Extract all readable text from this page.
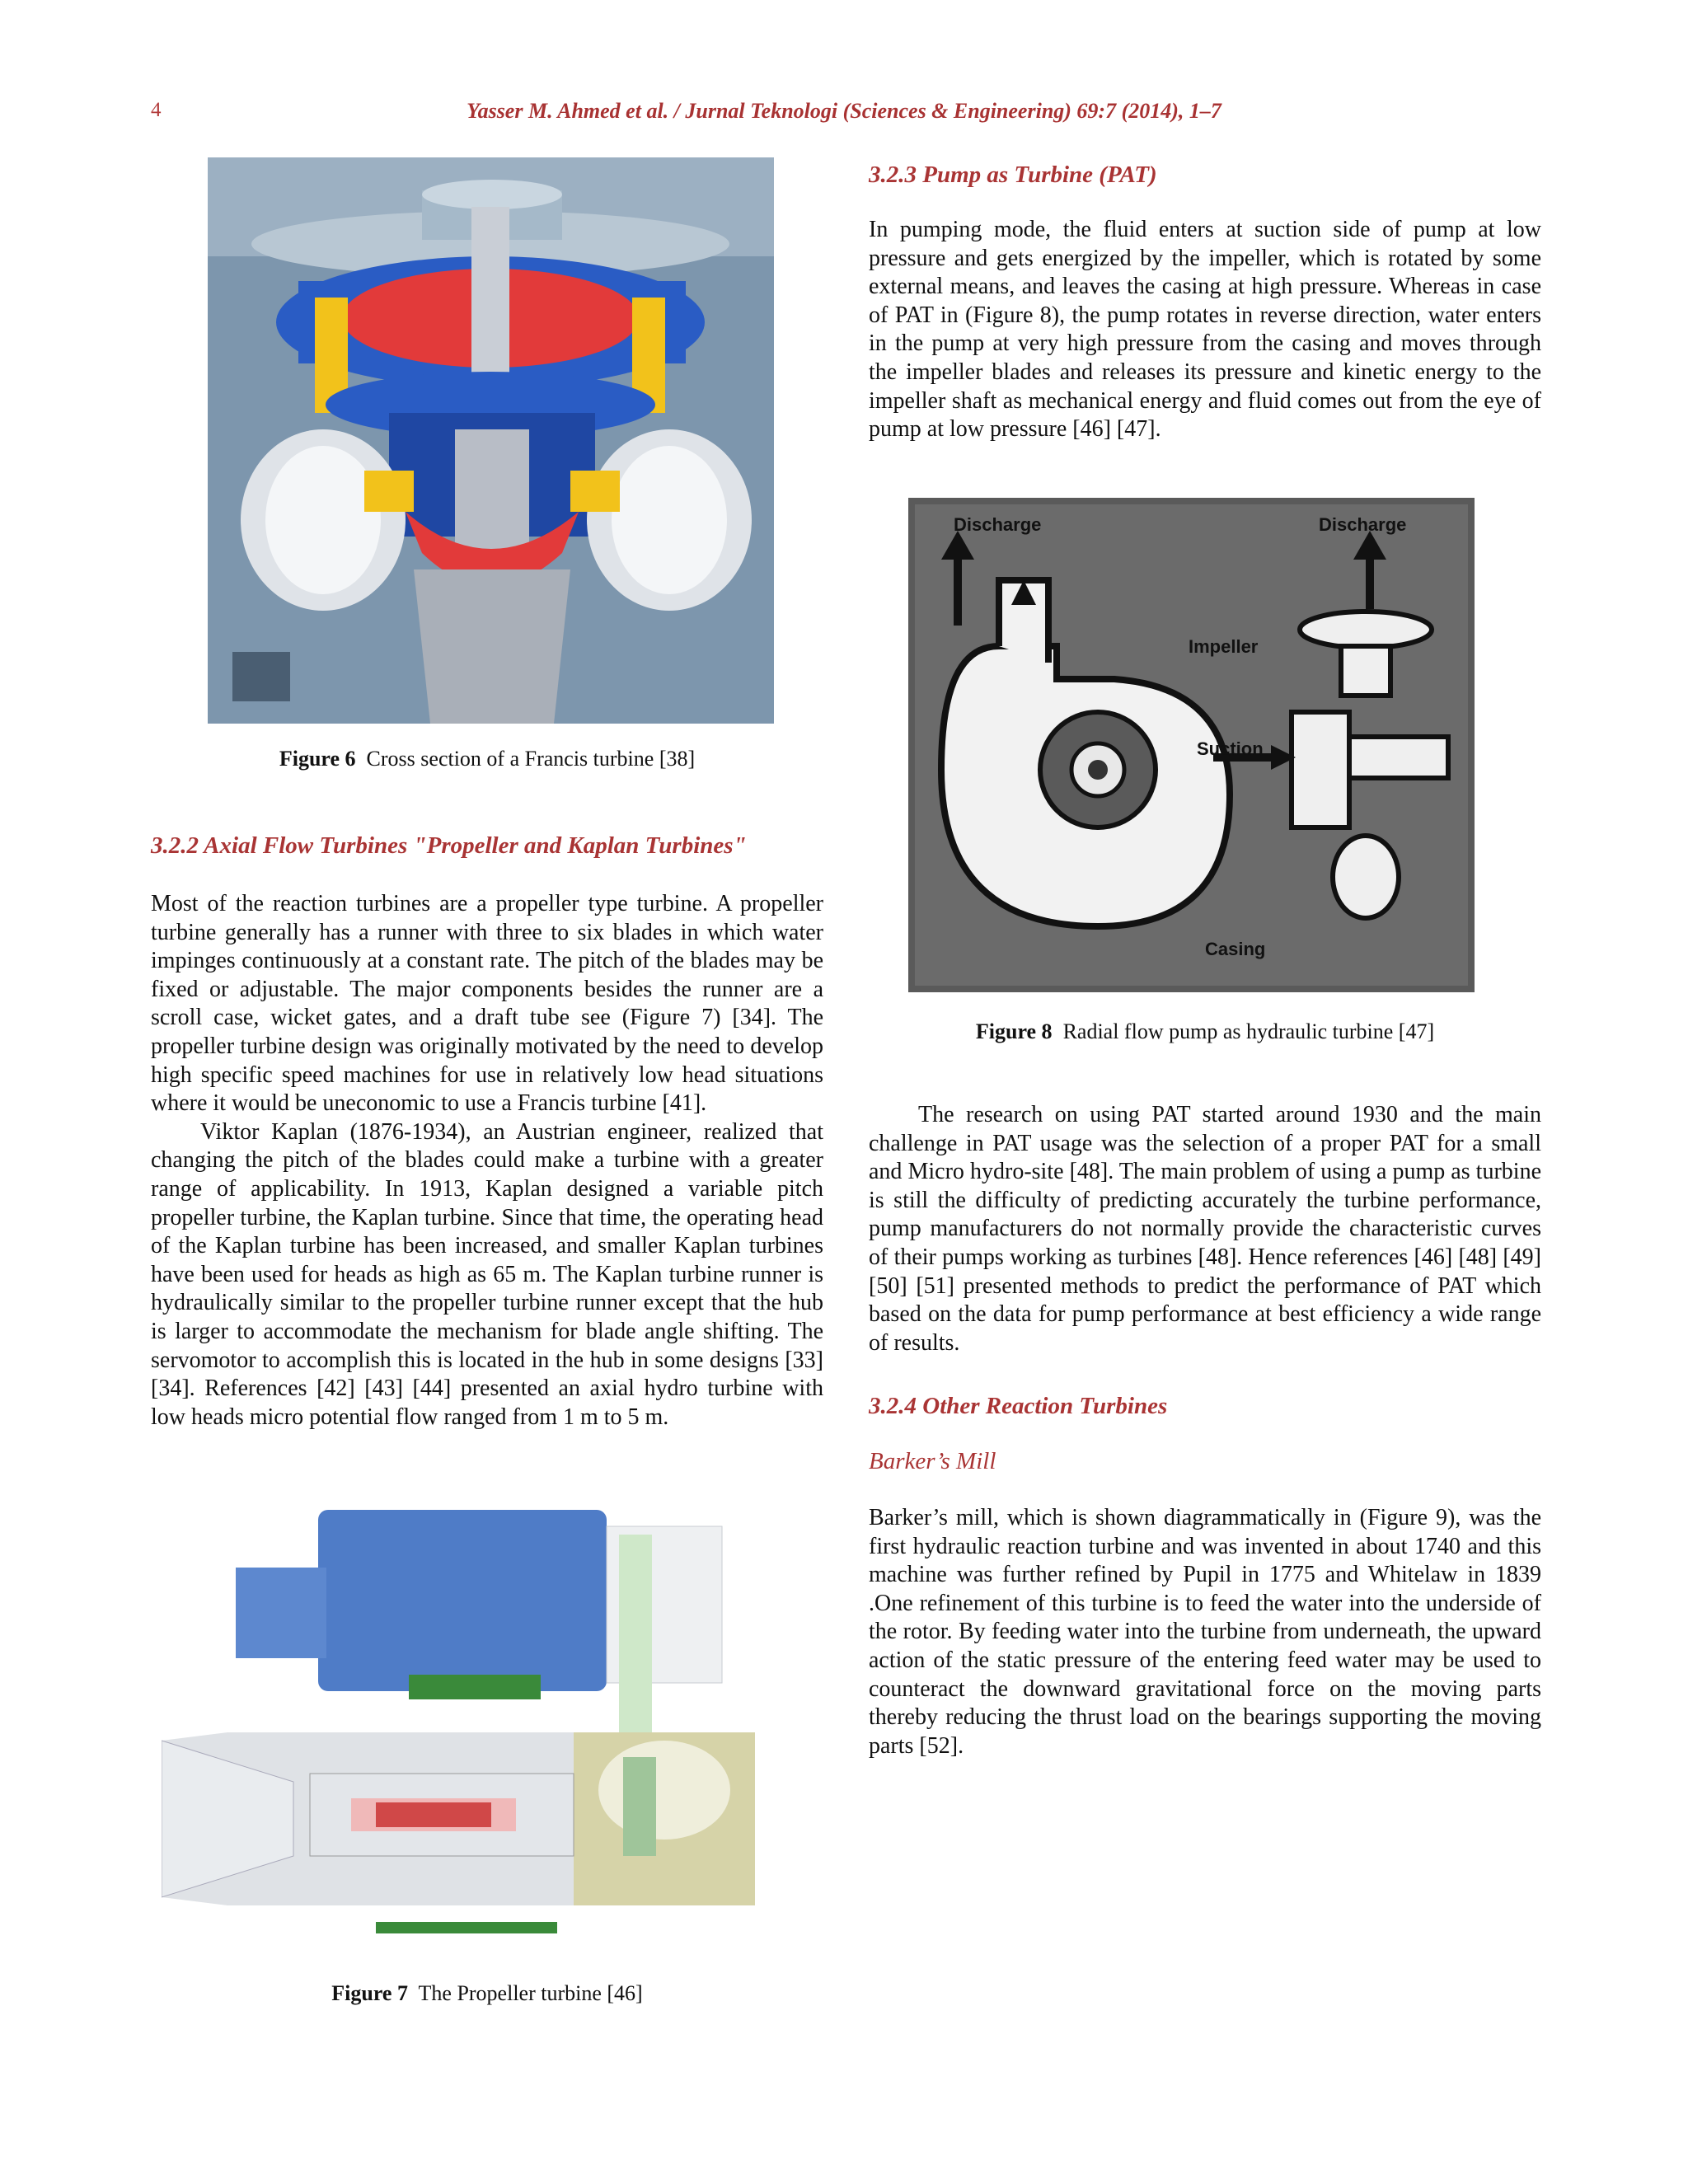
4	Yasser M. Ahmed et al. / Jurnal Teknologi (Sciences & Engineering) 69:7 (2014), 1–7
Figure 6 Cross section of a Francis turbine [38]
3.2.2 Axial Flow Turbines "Propeller and Kaplan Turbines"

Most of the reaction turbines are a propeller type turbine. A propeller turbine generally has a runner with three to six blades in which water impinges continuously at a constant rate. The pitch of the blades may be fixed or adjustable. The major components besides the runner are a scroll case, wicket gates, and a draft tube see (Figure 7) [34]. The propeller turbine design was originally motivated by the need to develop high specific speed machines for use in relatively low head situations where it would be uneconomic to use a Francis turbine [41].

Viktor Kaplan (1876-1934), an Austrian engineer, realized that changing the pitch of the blades could make a turbine with a greater range of applicability. In 1913, Kaplan designed a variable pitch propeller turbine, the Kaplan turbine. Since that time, the operating head of the Kaplan turbine has been increased, and smaller Kaplan turbines have been used for heads as high as 65 m. The Kaplan turbine runner is hydraulically similar to the propeller turbine runner except that the hub is larger to accommodate the mechanism for blade angle shifting. The servomotor to accomplish this is located in the hub in some designs [33] [34]. References [42] [43] [44] presented an axial hydro turbine with low heads micro potential flow ranged from 1 m to 5 m.

Figure 7 The Propeller turbine [46]
3.2.3 Pump as Turbine (PAT)

In pumping mode, the fluid enters at suction side of pump at low pressure and gets energized by the impeller, which is rotated by some external means, and leaves the casing at high pressure. Whereas in case of PAT in (Figure 8), the pump rotates in reverse direction, water enters in the pump at very high pressure from the casing and moves through the impeller blades and releases its pressure and kinetic energy to the impeller shaft as mechanical energy and fluid comes out from the eye of pump at low pressure [46] [47].

Discharge	Discharge
Impeller
Suction
Casing
Figure 8 Radial flow pump as hydraulic turbine [47]

The research on using PAT started around 1930 and the main challenge in PAT usage was the selection of a proper PAT for a small and Micro hydro-site [48]. The main problem of using a pump as turbine is still the difficulty of predicting accurately the turbine performance, pump manufacturers do not normally provide the characteristic curves of their pumps working as turbines [48]. Hence references [46] [48] [49] [50] [51] presented methods to predict the performance of PAT which based on the data for pump performance at best efficiency a wide range of results.

3.2.4 Other Reaction Turbines
Barker’s Mill

Barker’s mill, which is shown diagrammatically in (Figure 9), was the first hydraulic reaction turbine and was invented in about 1740 and this machine was further refined by Pupil in 1775 and Whitelaw in 1839 .One refinement of this turbine is to feed the water into the underside of the rotor. By feeding water into the turbine from underneath, the upward action of the static pressure of the entering feed water may be used to counteract the downward gravitational force on the moving parts thereby reducing the thrust load on the bearings supporting the moving parts [52].
